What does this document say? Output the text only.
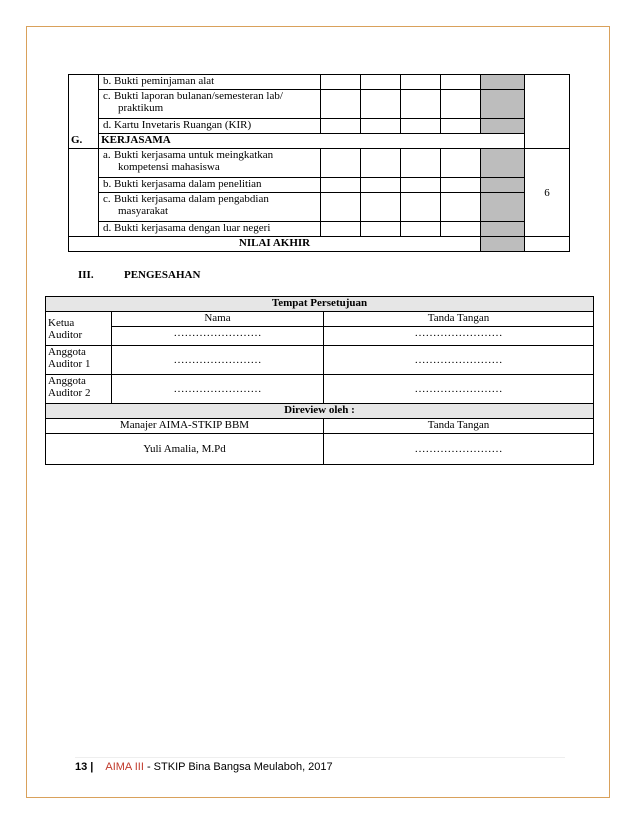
	b. Bukti peminjaman alat						
	c. Bukti laporan bulanan/semesteran lab/
praktikum						
	d. Kartu Invetaris Ruangan (KIR)						
	G. KERJASAMA						
	a. Bukti kerjasama untuk meingkatkan
kompetensi mahasiswa						6
	b. Bukti kerjasama dalam penelitian						
	c. Bukti kerjasama dalam pengabdian
masyarakat						
	d. Bukti kerjasama dengan luar negeri						
NILAI AKHIR							
III.	PENGESAHAN
Tempat Persetujuan		
Ketua
Auditor	Nama	Tanda Tangan
	……………………	……………………
Anggota
Auditor 1	……………………	……………………
Anggota
Auditor 2	……………………	……………………
Direview oleh :		
Manajer AIMA-STKIP BBM		Tanda Tangan
Yuli Amalia, M.Pd		……………………
13 | AIMA III - STKIP Bina Bangsa Meulaboh, 2017
